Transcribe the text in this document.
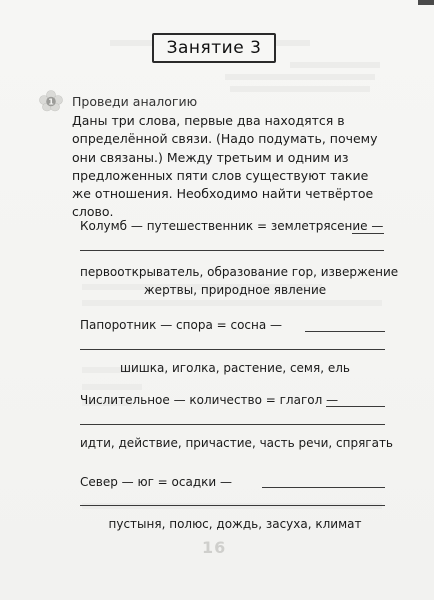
Занятие 3
1 Проведи аналогию
Даны три слова, первые два находятся в определённой связи. (Надо подумать, почему они связаны.) Между третьим и одним из предложенных пяти слов существуют такие же отношения. Необходимо найти четвёртое слово.
Колумб — путешественник = землетрясение —
первооткрыватель, образование гор, извержение
жертвы, природное явление
Папоротник — спора = сосна —
шишка, иголка, растение, семя, ель
Числительное — количество = глагол —
идти, действие, причастие, часть речи, спрягать
Север — юг = осадки —
пустыня, полюс, дождь, засуха, климат
16
